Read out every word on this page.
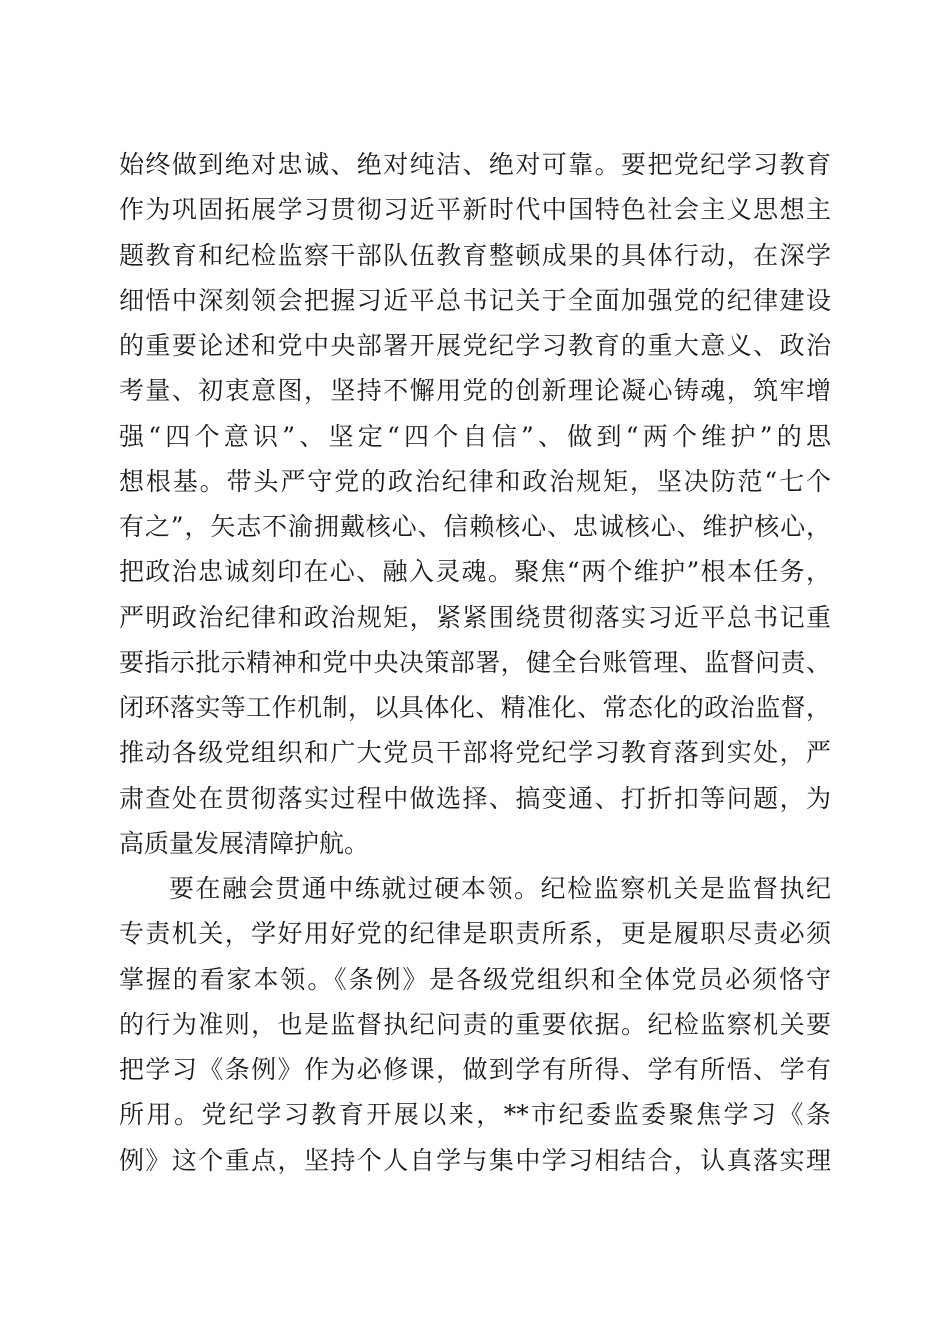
始终做到绝对忠诚、绝对纯洁、绝对可靠。要把党纪学习教育
作为巩固拓展学习贯彻习近平新时代中国特色社会主义思想主
题教育和纪检监察干部队伍教育整顿成果的具体行动，在深学
细悟中深刻领会把握习近平总书记关于全面加强党的纪律建设
的重要论述和党中央部署开展党纪学习教育的重大意义、政治
考量、初衷意图，坚持不懈用党的创新理论凝心铸魂，筑牢增
强“四个意识”、坚定“四个自信”、做到“两个维护”的思
想根基。带头严守党的政治纪律和政治规矩，坚决防范“七个
有之”，矢志不渝拥戴核心、信赖核心、忠诚核心、维护核心，
把政治忠诚刻印在心、融入灵魂。聚焦“两个维护”根本任务，
严明政治纪律和政治规矩，紧紧围绕贯彻落实习近平总书记重
要指示批示精神和党中央决策部署，健全台账管理、监督问责、
闭环落实等工作机制，以具体化、精准化、常态化的政治监督，
推动各级党组织和广大党员干部将党纪学习教育落到实处，严
肃查处在贯彻落实过程中做选择、搞变通、打折扣等问题，为
高质量发展清障护航。
要在融会贯通中练就过硬本领。纪检监察机关是监督执纪
专责机关，学好用好党的纪律是职责所系，更是履职尽责必须
掌握的看家本领。《条例》是各级党组织和全体党员必须恪守
的行为准则，也是监督执纪问责的重要依据。纪检监察机关要
把学习《条例》作为必修课，做到学有所得、学有所悟、学有
所用。党纪学习教育开展以来，**市纪委监委聚焦学习《条
例》这个重点，坚持个人自学与集中学习相结合，认真落实理
